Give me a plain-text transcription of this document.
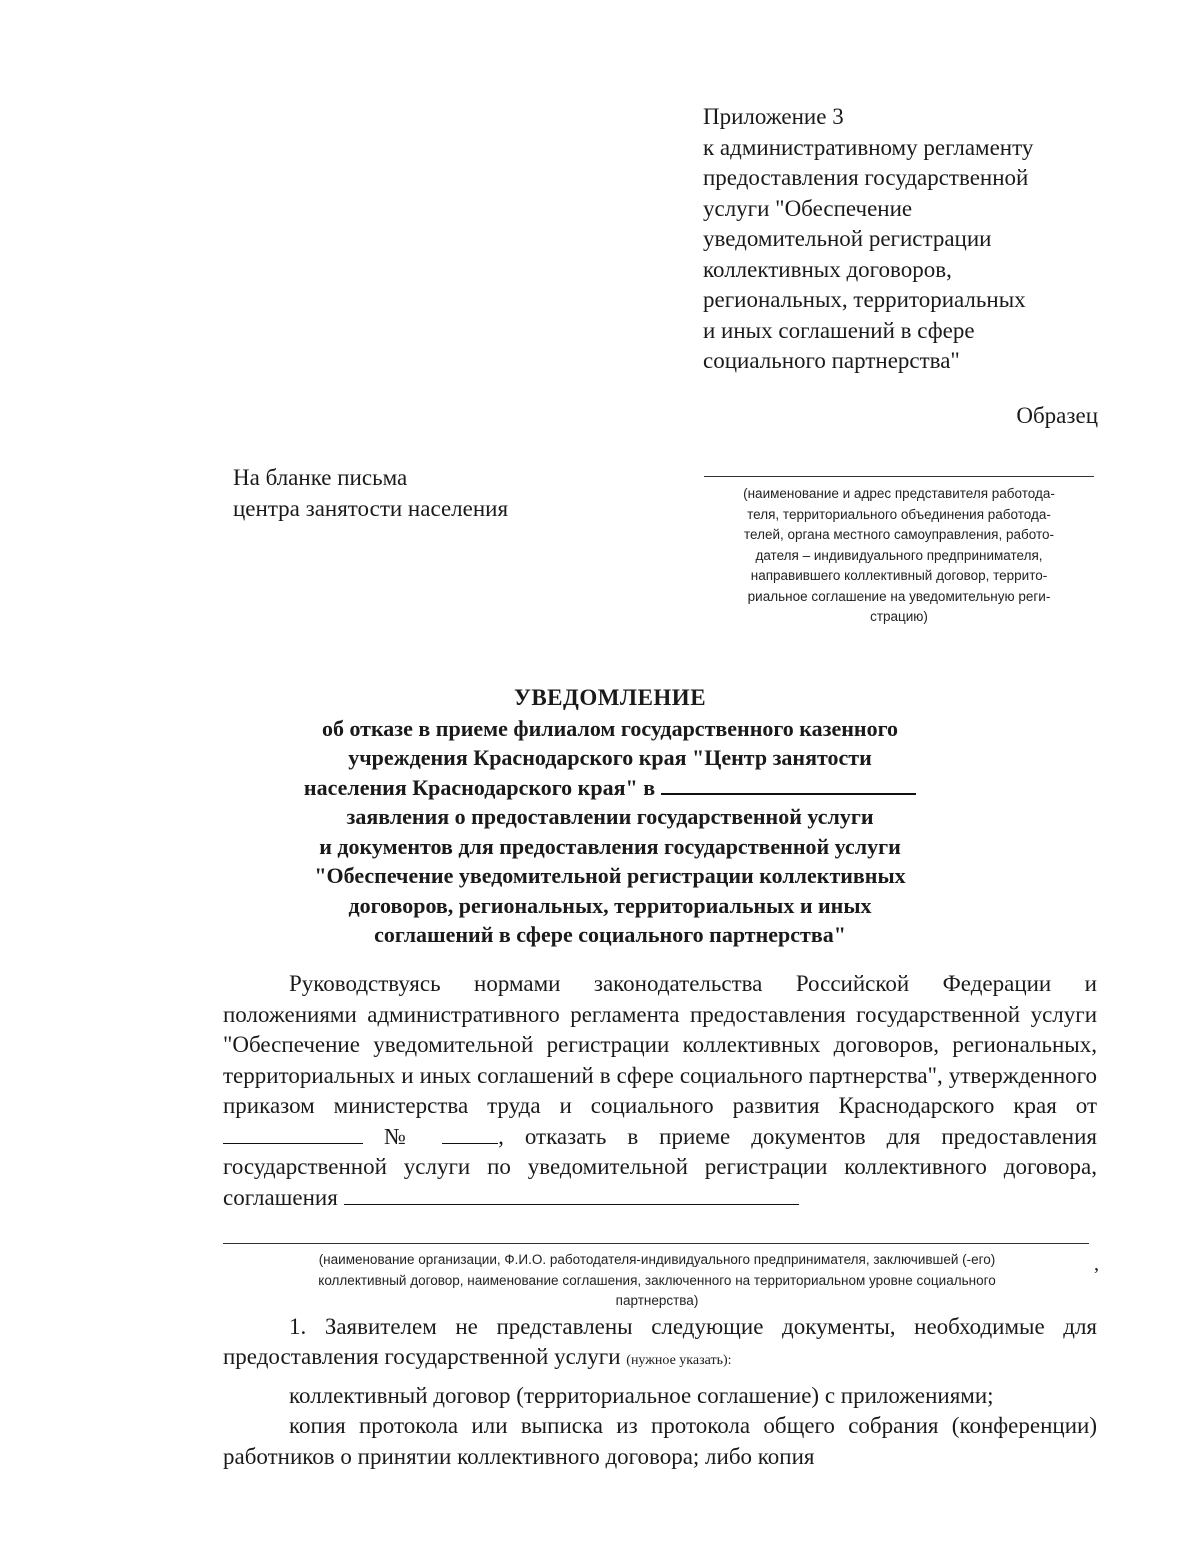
Приложение 3
к административному регламенту
предоставления государственной
услуги "Обеспечение
уведомительной регистрации
коллективных договоров,
региональных, территориальных
и иных соглашений в сфере
социального партнерства"
Образец
На бланке письма
центра занятости населения
(наименование и адрес представителя работода-
теля, территориального объединения работода-
телей, органа местного самоуправления, работо-
дателя – индивидуального предпринимателя,
направившего коллективный договор, террито-
риальное соглашение на уведомительную реги-
страцию)
УВЕДОМЛЕНИЕ
об отказе в приеме филиалом государственного казенного
учреждения Краснодарского края "Центр занятости
населения Краснодарского края" в
заявления о предоставлении государственной услуги
и документов для предоставления государственной услуги
"Обеспечение уведомительной регистрации коллективных
договоров, региональных, территориальных и иных
соглашений в сфере социального партнерства"

Руководствуясь нормами законодательства Российской Федерации и положениями административного регламента предоставления государственной услуги "Обеспечение уведомительной регистрации коллективных договоров, региональных, территориальных и иных соглашений в сфере социального партнерства", утвержденного приказом министерства труда и социального развития Краснодарского края от  №	, отказать в приеме документов для предоставления государственной услуги по уведомительной регистрации коллективного договора, соглашения

,
(наименование организации, Ф.И.О. работодателя-индивидуального предпринимателя, заключившей (-его)
коллективный договор, наименование соглашения, заключенного на территориальном уровне социального
партнерства)

1. Заявителем не представлены следующие документы, необходимые для предоставления государственной услуги (нужное указать):

коллективный договор (территориальное соглашение) с приложениями;

копия протокола или выписка из протокола общего собрания (конференции) работников о принятии коллективного договора; либо копия
